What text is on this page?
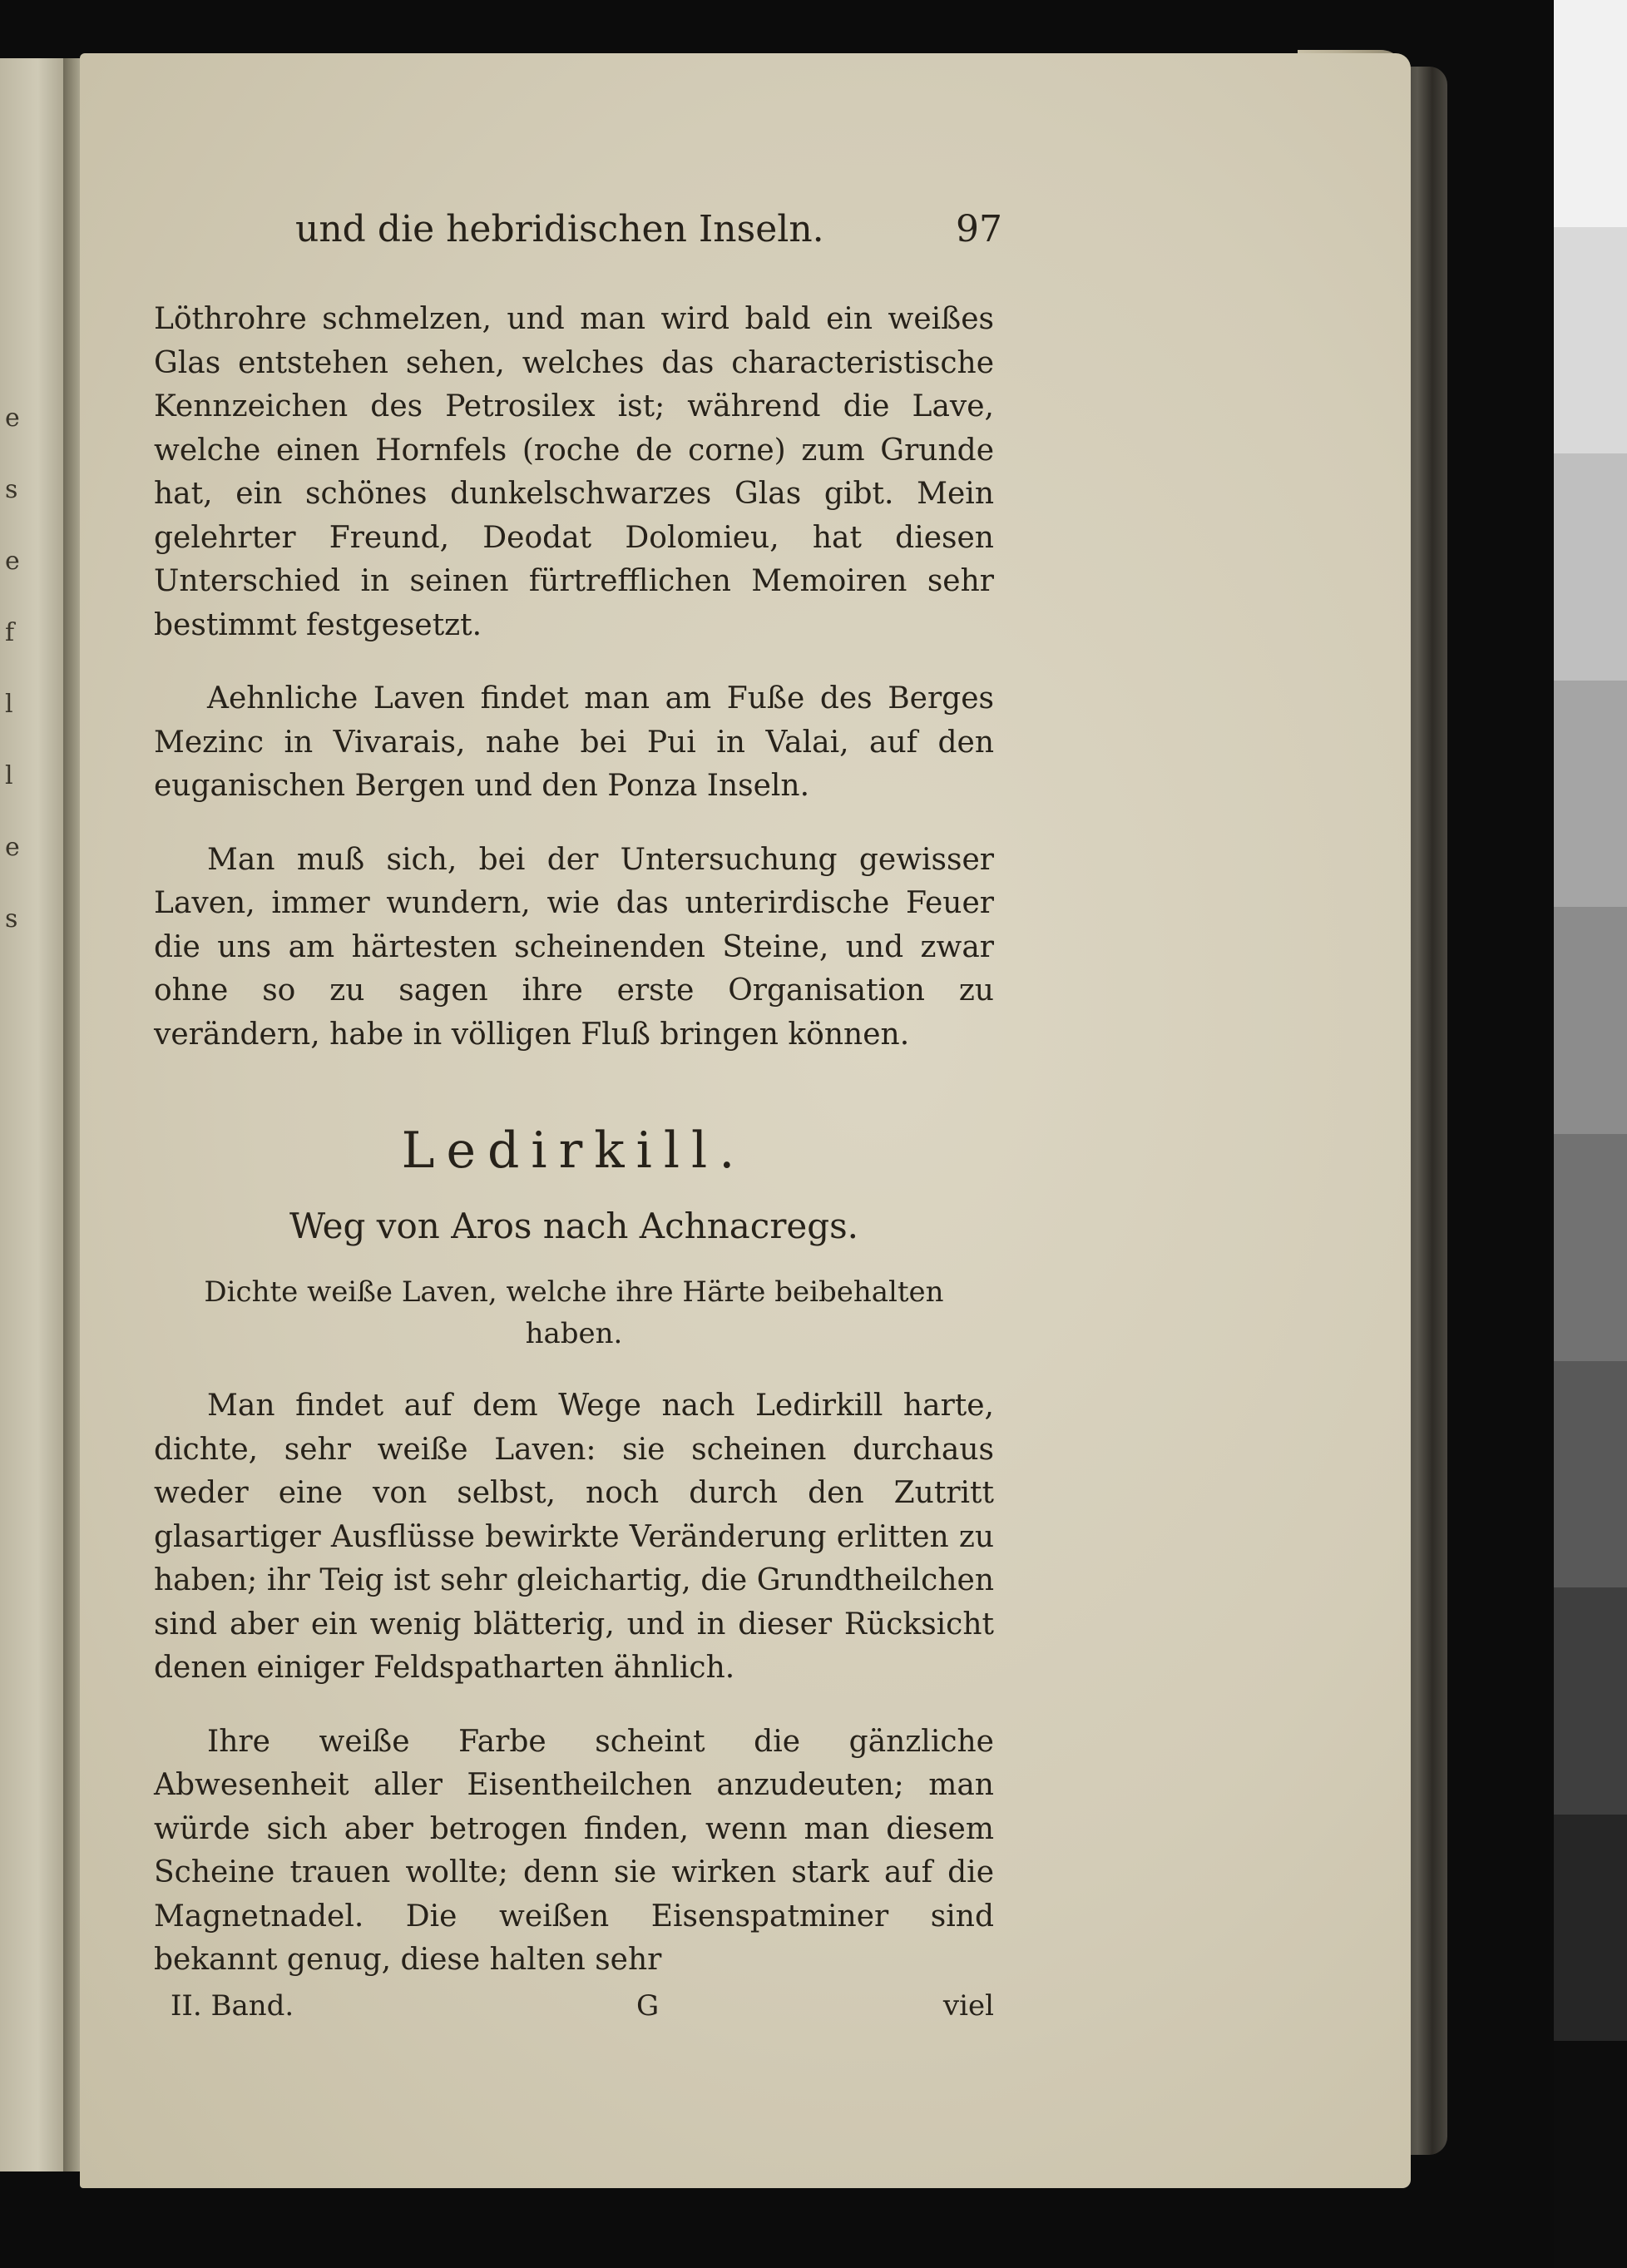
e
s
e
f
l
l
e
s
und die hebridischen Inseln.	97

Löthrohre schmelzen, und man wird bald ein weißes Glas entstehen sehen, welches das characteristische Kennzeichen des Petrosilex ist; während die Lave, welche einen Hornfels (roche de corne) zum Grunde hat, ein schönes dunkelschwarzes Glas gibt. Mein gelehrter Freund, Deodat Dolomieu, hat diesen Unterschied in seinen fürtrefflichen Memoiren sehr bestimmt festgesetzt.

Aehnliche Laven findet man am Fuße des Berges Mezinc in Vivarais, nahe bei Pui in Valai, auf den euganischen Bergen und den Ponza Inseln.

Man muß sich, bei der Untersuchung gewisser Laven, immer wundern, wie das unterirdische Feuer die uns am härtesten scheinenden Steine, und zwar ohne so zu sagen ihre erste Organisation zu verändern, habe in völligen Fluß bringen können.

Ledirkill.
Weg von Aros nach Achnacregs.
Dichte weiße Laven, welche ihre Härte beibehalten haben.

Man findet auf dem Wege nach Ledirkill harte, dichte, sehr weiße Laven: sie scheinen durchaus weder eine von selbst, noch durch den Zutritt glasartiger Ausflüsse bewirkte Veränderung erlitten zu haben; ihr Teig ist sehr gleichartig, die Grundtheilchen sind aber ein wenig blätterig, und in dieser Rücksicht denen einiger Feldspatharten ähnlich.

Ihre weiße Farbe scheint die gänzliche Abwesenheit aller Eisentheilchen anzudeuten; man würde sich aber betrogen finden, wenn man diesem Scheine trauen wollte; denn sie wirken stark auf die Magnetnadel. Die weißen Eisenspatminer sind bekannt genug, diese halten sehr

II. Band.	G	viel
